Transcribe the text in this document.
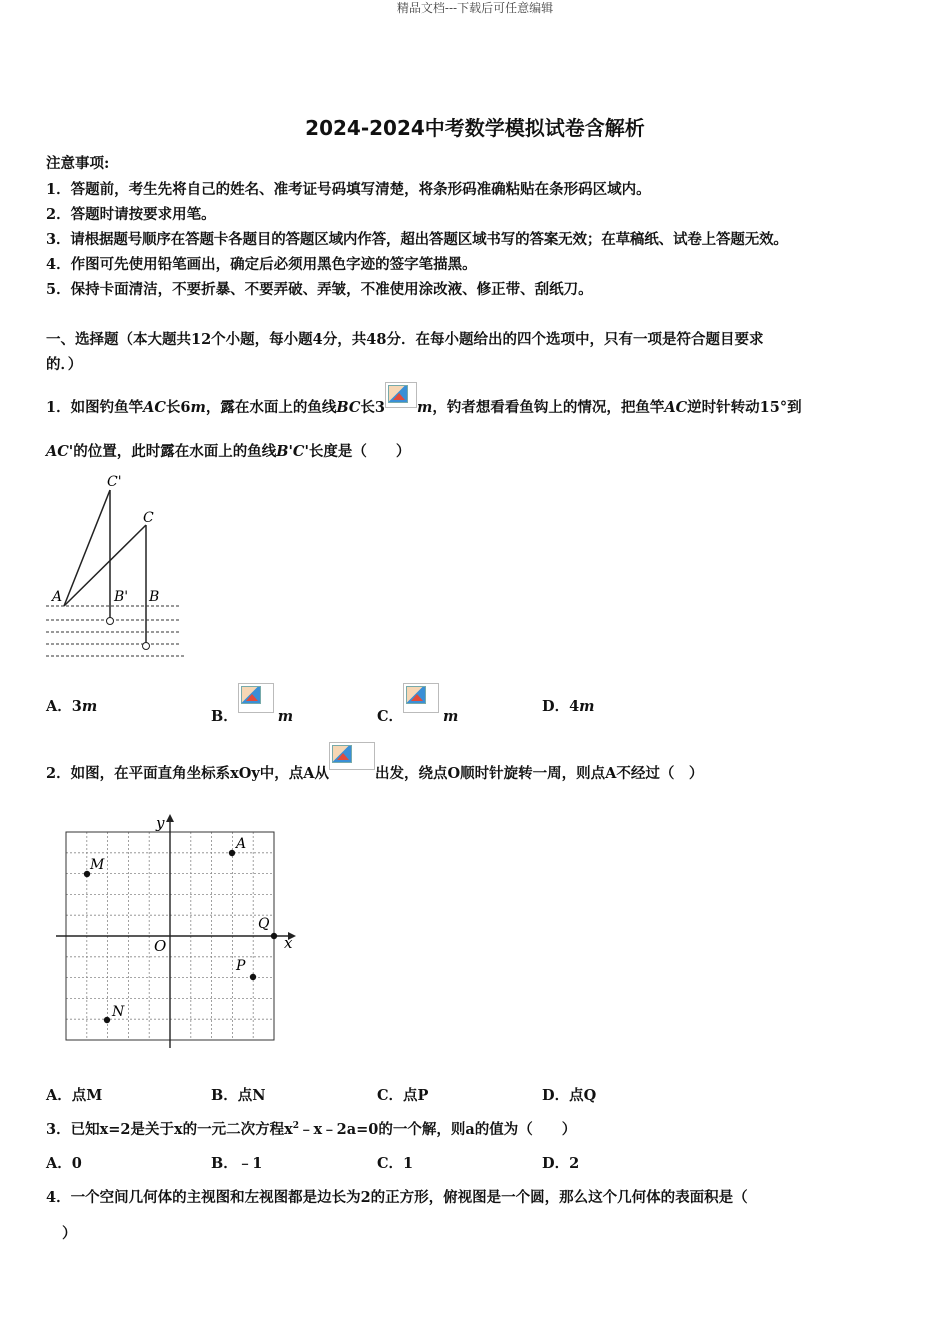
精品文档---下载后可任意编辑
2024-2024中考数学模拟试卷含解析
注意事项:
1．答题前，考生先将自己的姓名、准考证号码填写清楚，将条形码准确粘贴在条形码区域内。
2．答题时请按要求用笔。
3．请根据题号顺序在答题卡各题目的答题区域内作答，超出答题区域书写的答案无效；在草稿纸、试卷上答题无效。
4．作图可先使用铅笔画出，确定后必须用黑色字迹的签字笔描黑。
5．保持卡面清洁，不要折暴、不要弄破、弄皱，不准使用涂改液、修正带、刮纸刀。
一、选择题（本大题共12个小题，每小题4分，共48分．在每小题给出的四个选项中，只有一项是符合题目要求
的．）
1．如图钓鱼竿AC长6m，露在水面上的鱼线BC长3 m，钓者想看看鱼钩上的情况，把鱼竿AC逆时针转动15°到
AC'的位置，此时露在水面上的鱼线B'C'长度是（　　）
C'
C
A	B' B
A．3m
B．	m	C．	m
D．4m
2．如图，在平面直角坐标系xOy中，点A从	出发，绕点O顺时针旋转一周，则点A不经过（　）
y
x
O
A
M
Q
P
N
A．点M	B．点N	C．点P	D．点Q
3．已知x=2是关于x的一元二次方程$x^2﹣x﹣2a=0$的一个解，则a的值为（　　）
A．0	B．﹣1	C．1	D．2
4．一个空间几何体的主视图和左视图都是边长为2的正方形，俯视图是一个圆，那么这个几何体的表面积是（
）
